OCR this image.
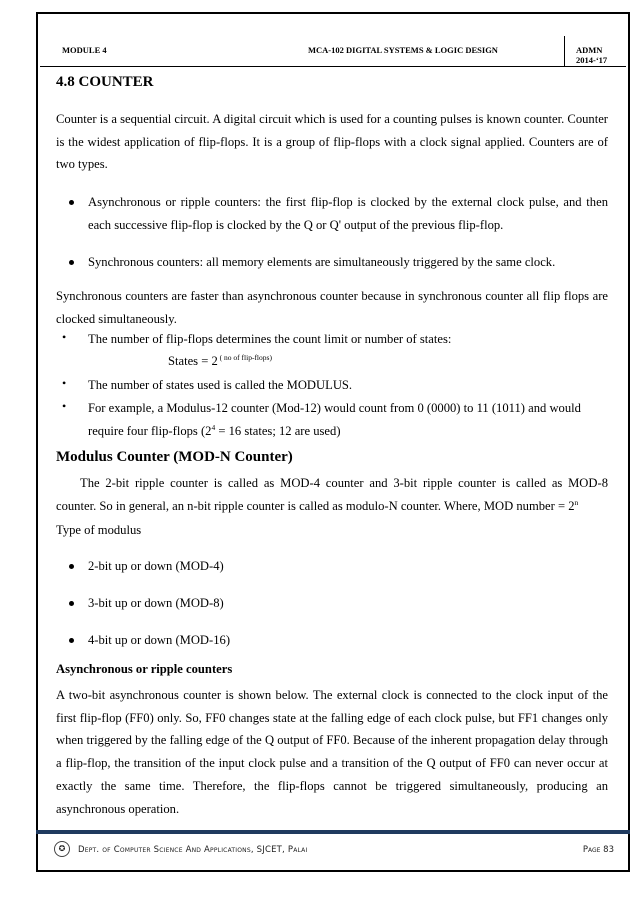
MODULE 4	MCA-102 DIGITAL SYSTEMS & LOGIC DESIGN	ADMN 2014-‘17
4.8 COUNTER
Counter is a sequential circuit. A digital circuit which is used for a counting pulses is known counter. Counter is the widest application of flip-flops. It is a group of flip-flops with a clock signal applied. Counters are of two types.
Asynchronous or ripple counters: the first flip-flop is clocked by the external clock pulse, and then each successive flip-flop is clocked by the Q or Q' output of the previous flip-flop.
Synchronous counters: all memory elements are simultaneously triggered by the same clock.
Synchronous counters are faster than asynchronous counter because in synchronous counter all flip flops are clocked simultaneously.
• The number of flip-flops determines the count limit or number of states:
States = 2 $^{( no of flip-flops)}$
• The number of states used is called the MODULUS.
• For example, a Modulus-12 counter (Mod-12) would count from 0 (0000) to 11 (1011) and would
require four flip-flops ($2^4 = 16$ states; 12 are used)
Modulus Counter (MOD-N Counter)
The 2-bit ripple counter is called as MOD-4 counter and 3-bit ripple counter is called as MOD-8 counter. So in general, an n-bit ripple counter is called as modulo-N counter. Where, MOD number = $2^n$
Type of modulus
2-bit up or down (MOD-4)
3-bit up or down (MOD-8)
4-bit up or down (MOD-16)
Asynchronous or ripple counters
A two-bit asynchronous counter is shown below. The external clock is connected to the clock input of the first flip-flop (FF0) only. So, FF0 changes state at the falling edge of each clock pulse, but FF1 changes only when triggered by the falling edge of the Q output of FF0. Because of the inherent propagation delay through a flip-flop, the transition of the input clock pulse and a transition of the Q output of FF0 can never occur at exactly the same time. Therefore, the flip-flops cannot be triggered simultaneously, producing an asynchronous operation.
✪	Dept. of Computer Science And Applications, SJCET, Palai	Page 83
